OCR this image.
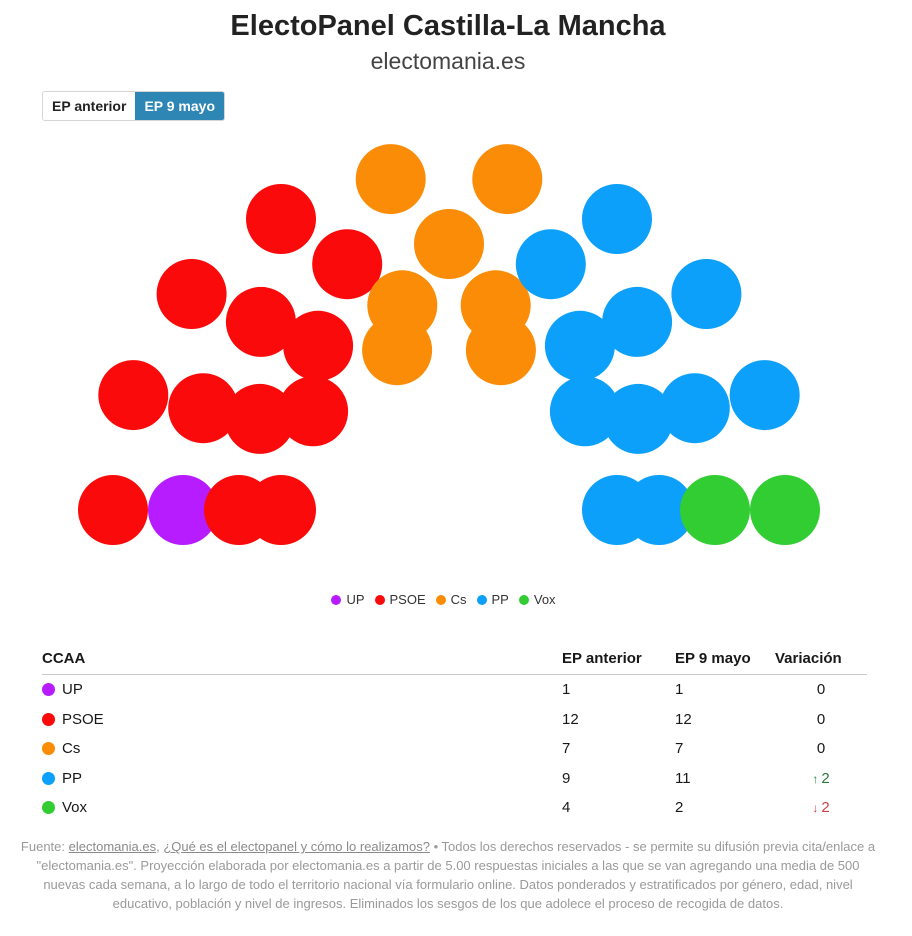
ElectoPanel Castilla-La Mancha
electomania.es
EP anterior	EP 9 mayo
UP PSOE Cs PP Vox
CCAA	EP anterior	EP 9 mayo	Variación

UP	1	1	0

PSOE	12	12	0

Cs	7	7	0

PP	9	11	↑ 2

Vox	4	2	↓ 2
Fuente: electomania.es, ¿Qué es el electopanel y cómo lo realizamos? • Todos los derechos reservados - se permite su difusión previa cita/enlace a "electomania.es". Proyección elaborada por electomania.es a partir de 5.00 respuestas iniciales a las que se van agregando una media de 500 nuevas cada semana, a lo largo de todo el territorio nacional vía formulario online. Datos ponderados y estratificados por género, edad, nivel educativo, población y nivel de ingresos. Eliminados los sesgos de los que adolece el proceso de recogida de datos.
